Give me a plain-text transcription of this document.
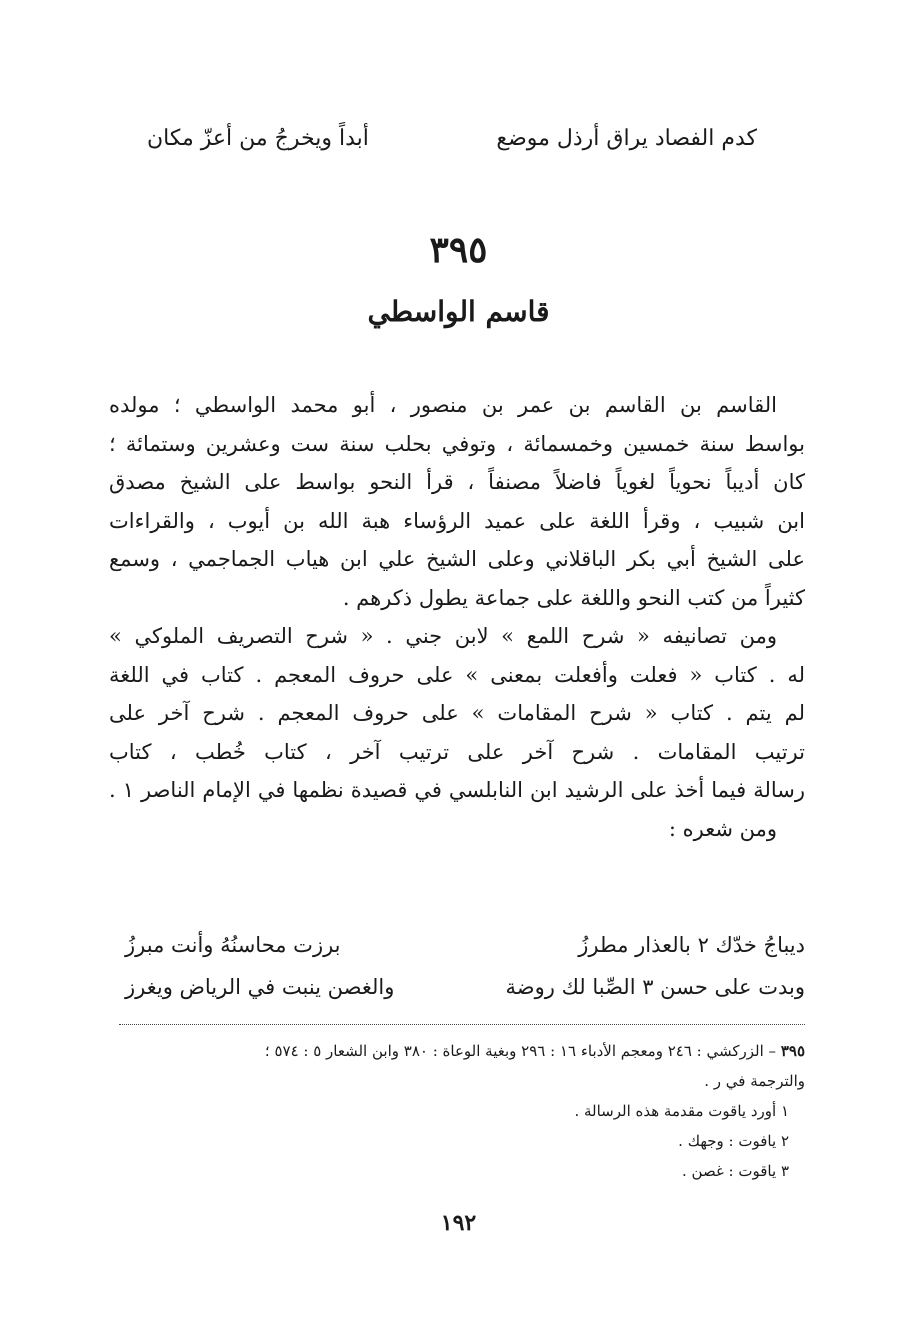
كدم الفصاد يراق أرذل موضع
أبداً ويخرجُ من أعزّ مكان
٣٩٥
قاسم الواسطي
القاسم بن القاسم بن عمر بن منصور ، أبو محمد الواسطي ؛ مولده
بواسط سنة خمسين وخمسمائة ، وتوفي بحلب سنة ست وعشرين وستمائة ؛
كان أديباً نحوياً لغوياً فاضلاً مصنفاً ، قرأ النحو بواسط على الشيخ مصدق
ابن شبيب ، وقرأ اللغة على عميد الرؤساء هبة الله بن أيوب ، والقراءات
على الشيخ أبي بكر الباقلاني وعلى الشيخ علي ابن هياب الجماجمي ، وسمع
كثيراً من كتب النحو واللغة على جماعة يطول ذكرهم .
ومن تصانيفه « شرح اللمع » لابن جني . « شرح التصريف الملوكي »
له . كتاب « فعلت وأفعلت بمعنى » على حروف المعجم . كتاب في اللغة
لم يتم . كتاب « شرح المقامات » على حروف المعجم . شرح آخر على
ترتيب المقامات . شرح آخر على ترتيب آخر ، كتاب خُطب ، كتاب
رسالة فيما أخذ على الرشيد ابن النابلسي في قصيدة نظمها في الإمام الناصر ١ .
ومن شعره :
ديباجُ خدّك ٢ بالعذار مطرزُ
برزت محاسنُهُ وأنت مبرزُ
وبدت على حسن ٣ الصِّبا لك روضة
والغصن ينبت في الرياض ويغرز
٣٩٥ – الزركشي : ٢٤٦ ومعجم الأدباء ١٦ : ٢٩٦ وبغية الوعاة : ٣٨٠ وابن الشعار ٥ : ٥٧٤ ؛
والترجمة في ر .
١ أورد ياقوت مقدمة هذه الرسالة .
٢ يافوت : وجهك .
٣ ياقوت : غصن .
١٩٢
